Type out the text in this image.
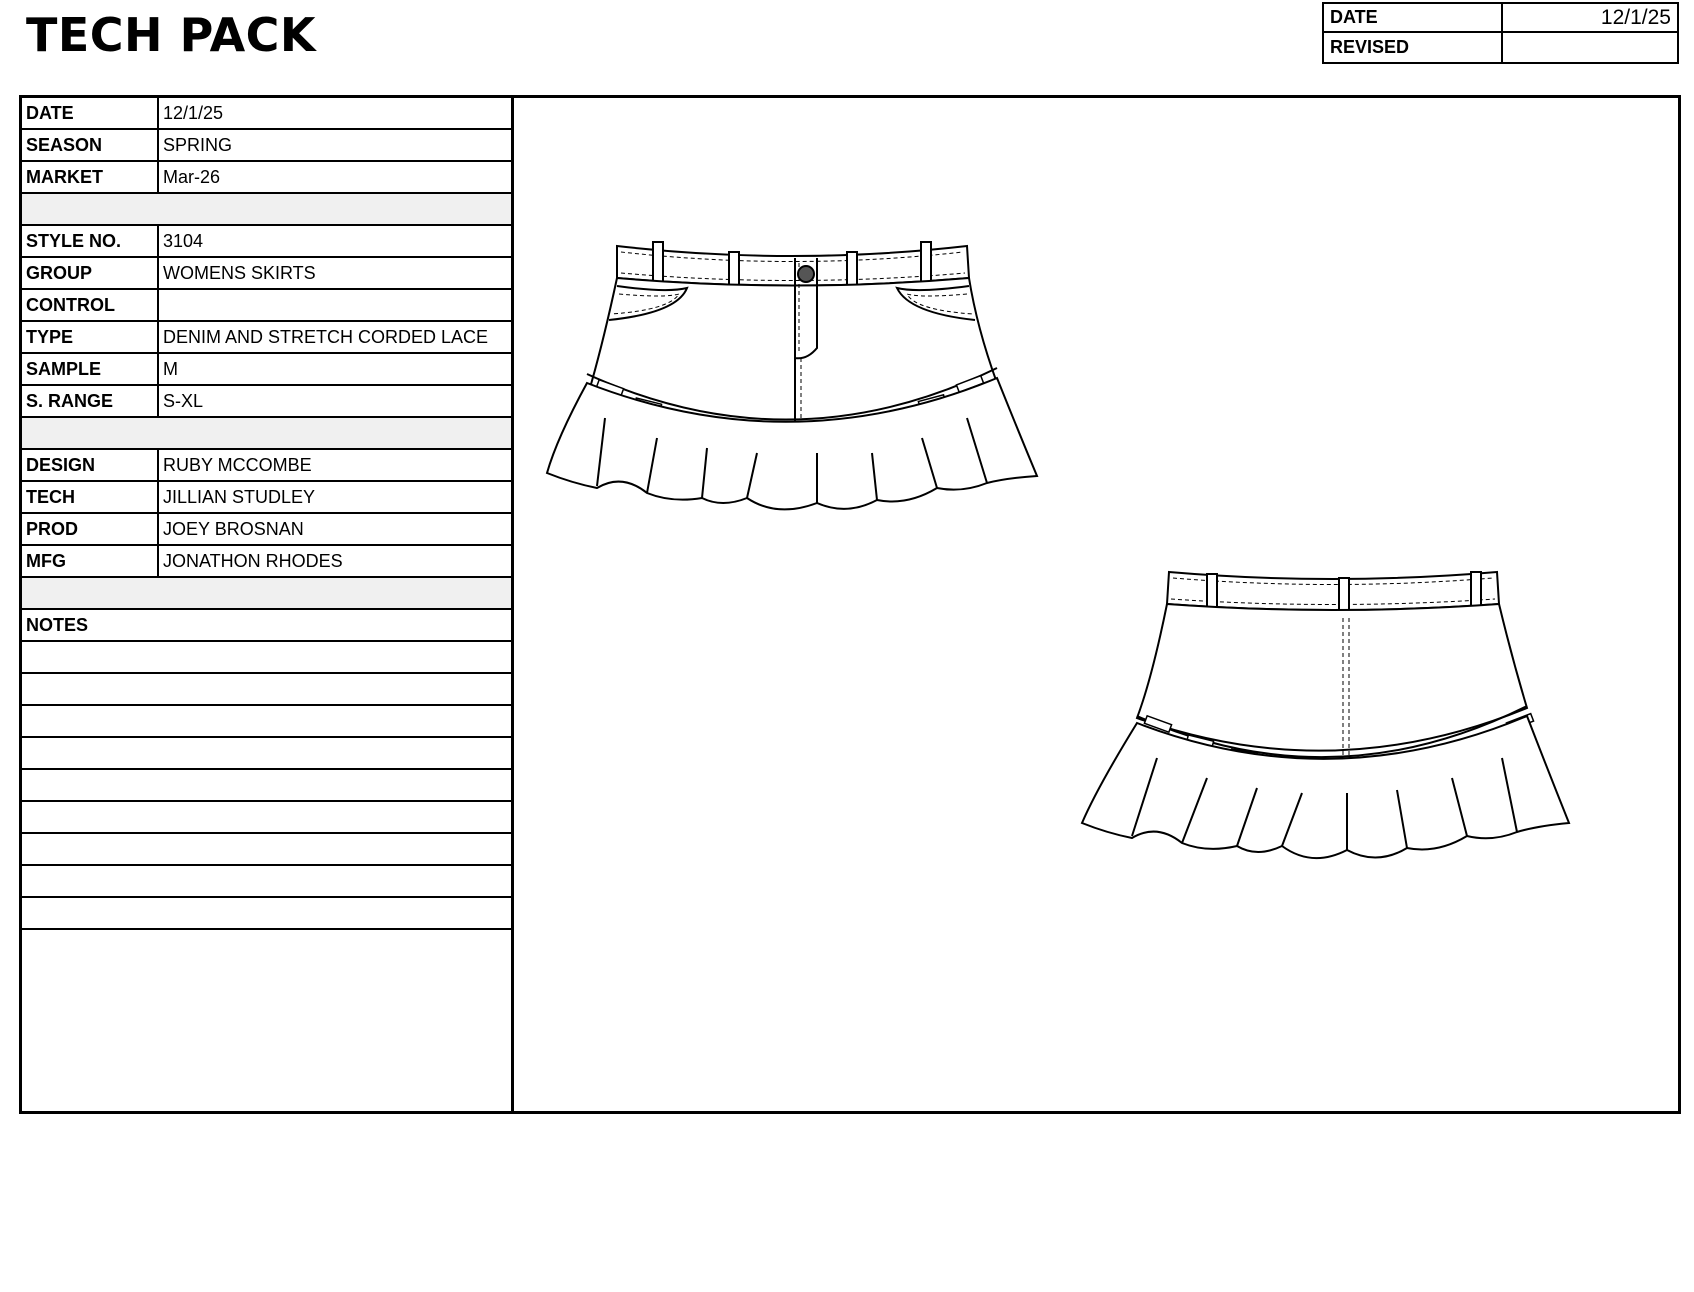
TECH PACK	DATE	12/1/25
REVISED
DATE	12/1/25
SEASON	SPRING
MARKET	Mar-26
STYLE NO.	3104
GROUP	WOMENS SKIRTS
CONTROL
TYPE	DENIM AND STRETCH CORDED LACE
SAMPLE	M
S. RANGE	S-XL
DESIGN	RUBY MCCOMBE
TECH	JILLIAN STUDLEY
PROD	JOEY BROSNAN
MFG	JONATHON RHODES
NOTES
